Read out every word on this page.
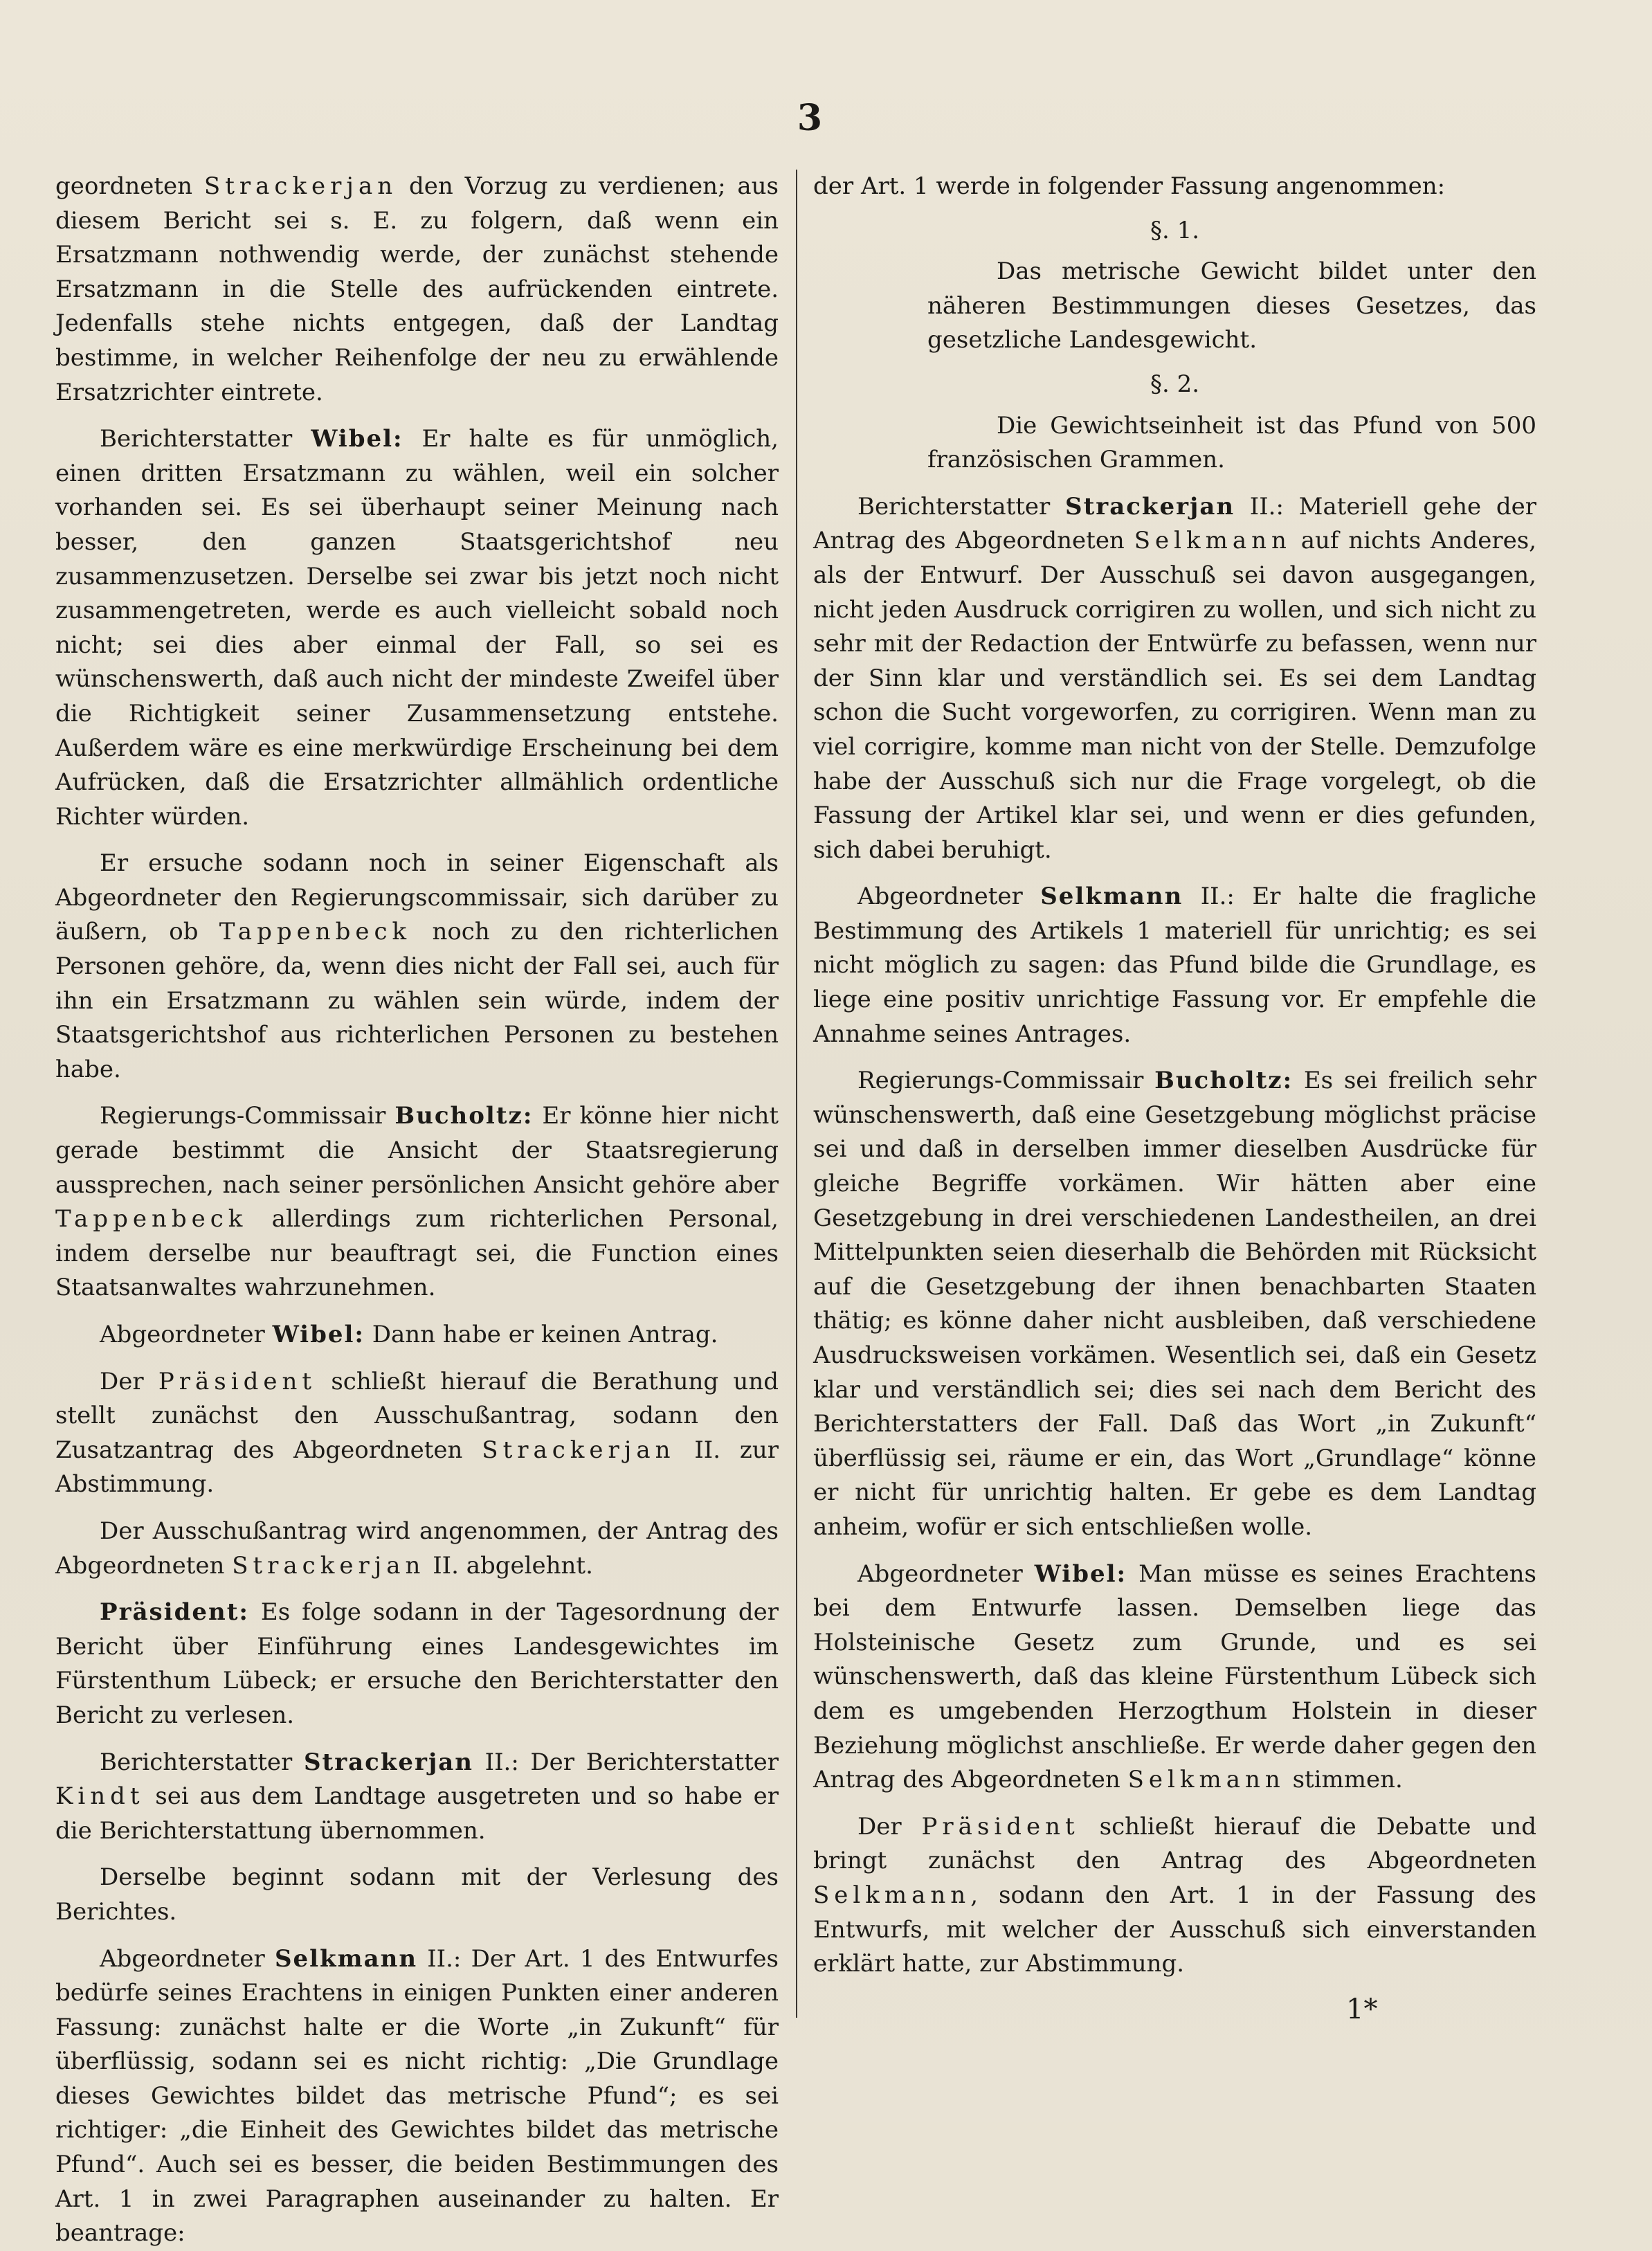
3

geordneten Strackerjan den Vorzug zu verdienen; aus diesem Bericht sei s. E. zu folgern, daß wenn ein Ersatzmann nothwendig werde, der zunächst stehende Ersatzmann in die Stelle des aufrückenden eintrete. Jedenfalls stehe nichts entgegen, daß der Landtag bestimme, in welcher Reihenfolge der neu zu erwählende Ersatzrichter eintrete.

Berichterstatter Wibel: Er halte es für unmöglich, einen dritten Ersatzmann zu wählen, weil ein solcher vorhanden sei. Es sei überhaupt seiner Meinung nach besser, den ganzen Staatsgerichtshof neu zusammenzusetzen. Derselbe sei zwar bis jetzt noch nicht zusammengetreten, werde es auch vielleicht sobald noch nicht; sei dies aber einmal der Fall, so sei es wünschenswerth, daß auch nicht der mindeste Zweifel über die Richtigkeit seiner Zusammensetzung entstehe. Außerdem wäre es eine merkwürdige Erscheinung bei dem Aufrücken, daß die Ersatzrichter allmählich ordentliche Richter würden.

Er ersuche sodann noch in seiner Eigenschaft als Abgeordneter den Regierungscommissair, sich darüber zu äußern, ob Tappenbeck noch zu den richterlichen Personen gehöre, da, wenn dies nicht der Fall sei, auch für ihn ein Ersatzmann zu wählen sein würde, indem der Staatsgerichtshof aus richterlichen Personen zu bestehen habe.

Regierungs-Commissair Bucholtz: Er könne hier nicht gerade bestimmt die Ansicht der Staatsregierung aussprechen, nach seiner persönlichen Ansicht gehöre aber Tappenbeck allerdings zum richterlichen Personal, indem derselbe nur beauftragt sei, die Function eines Staatsanwaltes wahrzunehmen.

Abgeordneter Wibel: Dann habe er keinen Antrag.

Der Präsident schließt hierauf die Berathung und stellt zunächst den Ausschußantrag, sodann den Zusatzantrag des Abgeordneten Strackerjan II. zur Abstimmung.

Der Ausschußantrag wird angenommen, der Antrag des Abgeordneten Strackerjan II. abgelehnt.

Präsident: Es folge sodann in der Tagesordnung der Bericht über Einführung eines Landesgewichtes im Fürstenthum Lübeck; er ersuche den Berichterstatter den Bericht zu verlesen.

Berichterstatter Strackerjan II.: Der Berichterstatter Kindt sei aus dem Landtage ausgetreten und so habe er die Berichterstattung übernommen.

Derselbe beginnt sodann mit der Verlesung des Berichtes.

Abgeordneter Selkmann II.: Der Art. 1 des Entwurfes bedürfe seines Erachtens in einigen Punkten einer anderen Fassung: zunächst halte er die Worte „in Zukunft“ für überflüssig, sodann sei es nicht richtig: „Die Grundlage dieses Gewichtes bildet das metrische Pfund“; es sei richtiger: „die Einheit des Gewichtes bildet das metrische Pfund“. Auch sei es besser, die beiden Bestimmungen des Art. 1 in zwei Paragraphen auseinander zu halten. Er beantrage:

der Art. 1 werde in folgender Fassung angenommen:

§. 1.

Das metrische Gewicht bildet unter den näheren Bestimmungen dieses Gesetzes, das gesetzliche Landesgewicht.

§. 2.

Die Gewichtseinheit ist das Pfund von 500 französischen Grammen.

Berichterstatter Strackerjan II.: Materiell gehe der Antrag des Abgeordneten Selkmann auf nichts Anderes, als der Entwurf. Der Ausschuß sei davon ausgegangen, nicht jeden Ausdruck corrigiren zu wollen, und sich nicht zu sehr mit der Redaction der Entwürfe zu befassen, wenn nur der Sinn klar und verständlich sei. Es sei dem Landtag schon die Sucht vorgeworfen, zu corrigiren. Wenn man zu viel corrigire, komme man nicht von der Stelle. Demzufolge habe der Ausschuß sich nur die Frage vorgelegt, ob die Fassung der Artikel klar sei, und wenn er dies gefunden, sich dabei beruhigt.

Abgeordneter Selkmann II.: Er halte die fragliche Bestimmung des Artikels 1 materiell für unrichtig; es sei nicht möglich zu sagen: das Pfund bilde die Grundlage, es liege eine positiv unrichtige Fassung vor. Er empfehle die Annahme seines Antrages.

Regierungs-Commissair Bucholtz: Es sei freilich sehr wünschenswerth, daß eine Gesetzgebung möglichst präcise sei und daß in derselben immer dieselben Ausdrücke für gleiche Begriffe vorkämen. Wir hätten aber eine Gesetzgebung in drei verschiedenen Landestheilen, an drei Mittelpunkten seien dieserhalb die Behörden mit Rücksicht auf die Gesetzgebung der ihnen benachbarten Staaten thätig; es könne daher nicht ausbleiben, daß verschiedene Ausdrucksweisen vorkämen. Wesentlich sei, daß ein Gesetz klar und verständlich sei; dies sei nach dem Bericht des Berichterstatters der Fall. Daß das Wort „in Zukunft“ überflüssig sei, räume er ein, das Wort „Grundlage“ könne er nicht für unrichtig halten. Er gebe es dem Landtag anheim, wofür er sich entschließen wolle.

Abgeordneter Wibel: Man müsse es seines Erachtens bei dem Entwurfe lassen. Demselben liege das Holsteinische Gesetz zum Grunde, und es sei wünschenswerth, daß das kleine Fürstenthum Lübeck sich dem es umgebenden Herzogthum Holstein in dieser Beziehung möglichst anschließe. Er werde daher gegen den Antrag des Abgeordneten Selkmann stimmen.

Der Präsident schließt hierauf die Debatte und bringt zunächst den Antrag des Abgeordneten Selkmann, sodann den Art. 1 in der Fassung des Entwurfs, mit welcher der Ausschuß sich einverstanden erklärt hatte, zur Abstimmung.

1*
